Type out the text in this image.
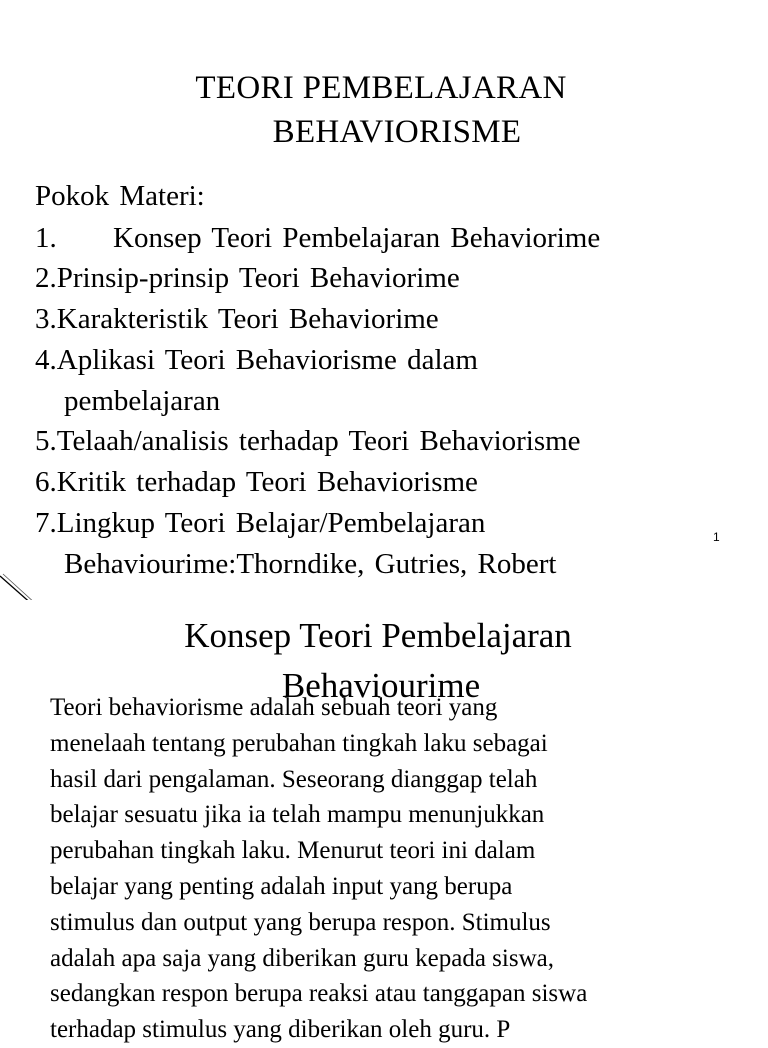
TEORI PEMBELAJARAN
BEHAVIORISME
Pokok Materi:
1. Konsep Teori Pembelajaran Behaviorime
2.Prinsip-prinsip Teori Behaviorime
3.Karakteristik Teori Behaviorime
4.Aplikasi Teori Behaviorisme dalam
pembelajaran
5.Telaah/analisis terhadap Teori Behaviorisme
6.Kritik terhadap Teori Behaviorisme
7.Lingkup Teori Belajar/Pembelajaran
Behaviourime:Thorndike, Gutries, Robert
1
Konsep Teori Pembelajaran
Behaviourime
Teori behaviorisme adalah sebuah teori yang
menelaah tentang perubahan tingkah laku sebagai
hasil dari pengalaman. Seseorang dianggap telah
belajar sesuatu jika ia telah mampu menunjukkan
perubahan tingkah laku. Menurut teori ini dalam
belajar yang penting adalah input yang berupa
stimulus dan output yang berupa respon. Stimulus
adalah apa saja yang diberikan guru kepada siswa,
sedangkan respon berupa reaksi atau tanggapan siswa
terhadap stimulus yang diberikan oleh guru. P
